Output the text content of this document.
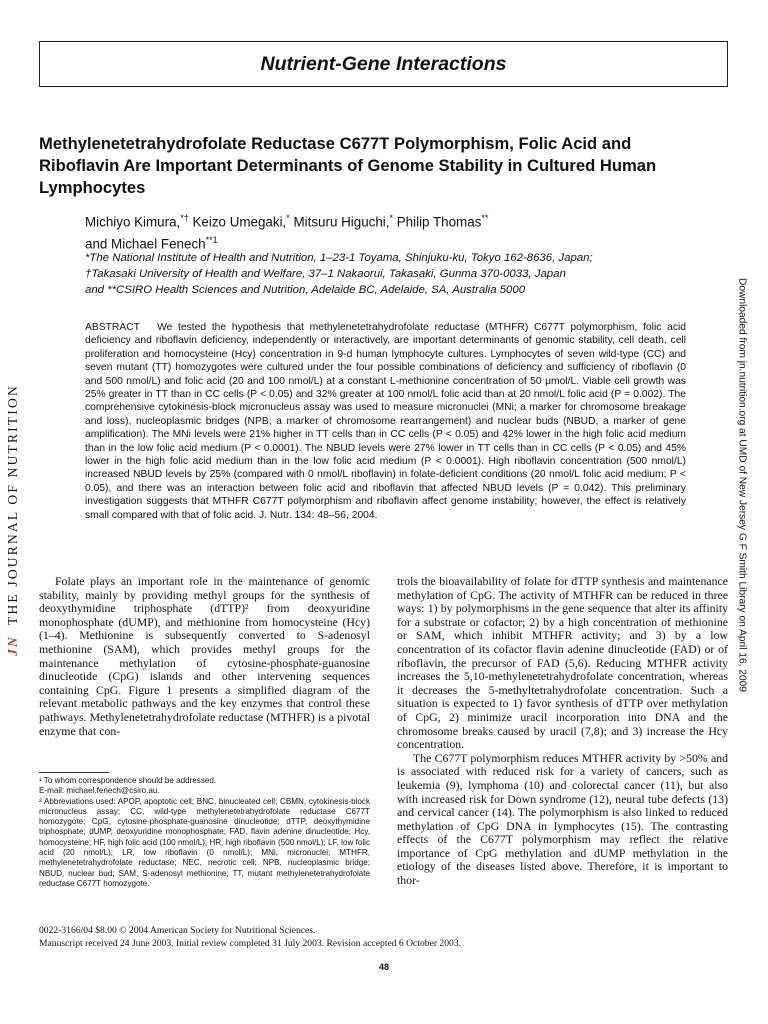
Nutrient-Gene Interactions
Methylenetetrahydrofolate Reductase C677T Polymorphism, Folic Acid and Riboflavin Are Important Determinants of Genome Stability in Cultured Human Lymphocytes
Michiyo Kimura,*† Keizo Umegaki,* Mitsuru Higuchi,* Philip Thomas**
and Michael Fenech$^{**1}$
*The National Institute of Health and Nutrition, 1–23-1 Toyama, Shinjuku-ku, Tokyo 162-8636, Japan;
†Takasaki University of Health and Welfare, 37–1 Nakaorui, Takasaki, Gunma 370-0033, Japan
and **CSIRO Health Sciences and Nutrition, Adelaide BC, Adelaide, SA, Australia 5000
ABSTRACT We tested the hypothesis that methylenetetrahydrofolate reductase (MTHFR) C677T polymorphism, folic acid deficiency and riboflavin deficiency, independently or interactively, are important determinants of genomic stability, cell death, cell proliferation and homocysteine (Hcy) concentration in 9-d human lymphocyte cultures. Lymphocytes of seven wild-type (CC) and seven mutant (TT) homozygotes were cultured under the four possible combinations of deficiency and sufficiency of riboflavin (0 and 500 nmol/L) and folic acid (20 and 100 nmol/L) at a constant L-methionine concentration of 50 μmol/L. Viable cell growth was 25% greater in TT than in CC cells (P < 0.05) and 32% greater at 100 nmol/L folic acid than at 20 nmol/L folic acid (P = 0.002). The comprehensive cytokinesis-block micronucleus assay was used to measure micronuclei (MNi; a marker for chromosome breakage and loss), nucleoplasmic bridges (NPB; a marker of chromosome rearrangement) and nuclear buds (NBUD, a marker of gene amplification). The MNi levels were 21% higher in TT cells than in CC cells (P < 0.05) and 42% lower in the high folic acid medium than in the low folic acid medium (P < 0.0001). The NBUD levels were 27% lower in TT cells than in CC cells (P < 0.05) and 45% lower in the high folic acid medium than in the low folic acid medium (P < 0.0001). High riboflavin concentration (500 nmol/L) increased NBUD levels by 25% (compared with 0 nmol/L riboflavin) in folate-deficient conditions (20 nmol/L folic acid medium; P < 0.05), and there was an interaction between folic acid and riboflavin that affected NBUD levels (P = 0.042). This preliminary investigation suggests that MTHFR C677T polymorphism and riboflavin affect genome instability; however, the effect is relatively small compared with that of folic acid. J. Nutr. 134: 48–56, 2004.

Folate plays an important role in the maintenance of genomic stability, mainly by providing methyl groups for the synthesis of deoxythymidine triphosphate (dTTP)² from deoxyuridine monophosphate (dUMP), and methionine from homocysteine (Hcy) (1–4). Methionine is subsequently converted to S-adenosyl methionine (SAM), which provides methyl groups for the maintenance methylation of cytosine-phosphate-guanosine dinucleotide (CpG) islands and other intervening sequences containing CpG. Figure 1 presents a simplified diagram of the relevant metabolic pathways and the key enzymes that control these pathways. Methylenetetrahydrofolate reductase (MTHFR) is a pivotal enzyme that con-

trols the bioavailability of folate for dTTP synthesis and maintenance methylation of CpG. The activity of MTHFR can be reduced in three ways: 1) by polymorphisms in the gene sequence that alter its affinity for a substrate or cofactor; 2) by a high concentration of methionine or SAM, which inhibit MTHFR activity; and 3) by a low concentration of its cofactor flavin adenine dinucleotide (FAD) or of riboflavin, the precursor of FAD (5,6). Reducing MTHFR activity increases the 5,10-methylenetetrahydrofolate concentration, whereas it decreases the 5-methyltetrahydrofolate concentration. Such a situation is expected to 1) favor synthesis of dTTP over methylation of CpG, 2) minimize uracil incorporation into DNA and the chromosome breaks caused by uracil (7,8); and 3) increase the Hcy concentration.

The C677T polymorphism reduces MTHFR activity by >50% and is associated with reduced risk for a variety of cancers, such as leukemia (9), lymphoma (10) and colorectal cancer (11), but also with increased risk for Down syndrome (12), neural tube defects (13) and cervical cancer (14). The polymorphism is also linked to reduced methylation of CpG DNA in lymphocytes (15). The contrasting effects of the C677T polymorphism may reflect the relative importance of CpG methylation and dUMP methylation in the etiology of the diseases listed above. Therefore, it is important to thor-

¹ To whom correspondence should be addressed.

E-mail: michael.fenech@csiro.au.

² Abbreviations used: APOP, apoptotic cell; BNC, binucleated cell; CBMN, cytokinesis-block micronucleus assay; CC, wild-type methylenetetrahydrofolate reductase C677T homozygote; CpG, cytosine-phosphate-guanosine dinucleotide; dTTP, deoxythymidine triphosphate; dUMP, deoxyuridine monophosphate; FAD, flavin adenine dinucleotide; Hcy, homocysteine; HF, high folic acid (100 nmol/L); HR, high riboflavin (500 nmol/L); LF, low folic acid (20 nmol/L); LR, low riboflavin (0 nmol/L); MNi, micronuclei; MTHFR, methylenetetrahydrofolate reductase; NEC, necrotic cell; NPB, nucleoplasmic bridge; NBUD, nuclear bud; SAM, S-adenosyl methionine; TT, mutant methylenetetrahydrofolate reductase C677T homozygote.

0022-3166/04 $8.00 © 2004 American Society for Nutritional Sciences.
Manuscript received 24 June 2003. Initial review completed 31 July 2003. Revision accepted 6 October 2003.
48
JNTHE JOURNAL OF NUTRITION	Downloaded from jn.nutrition.org at UMD of New Jersey G F Smith Library on April 16, 2009
